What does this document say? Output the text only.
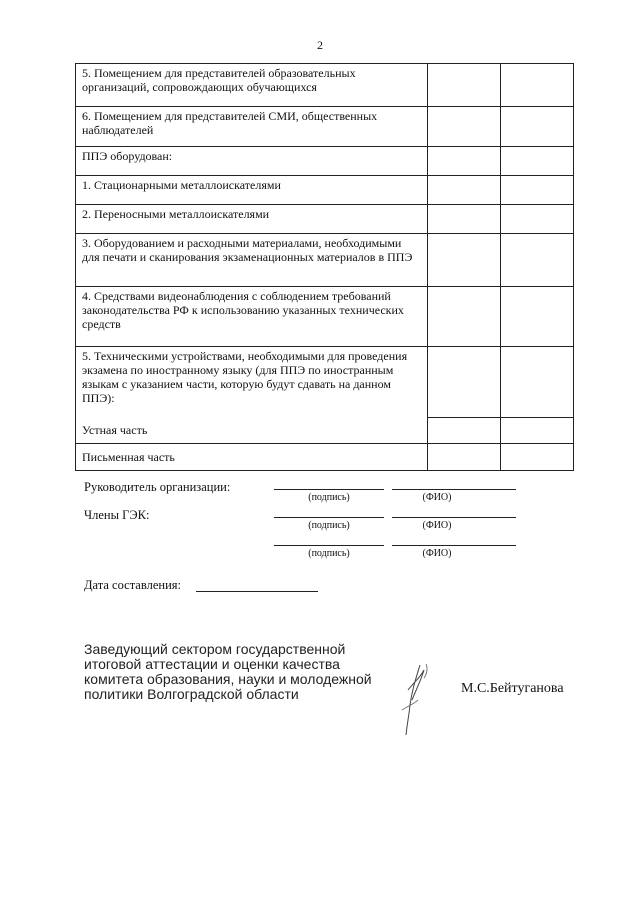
2
5. Помещением для представителей образовательных организаций, сопровождающих обучающихся		
6. Помещением для представителей СМИ, общественных наблюдателей		
ППЭ оборудован:		
1. Стационарными металлоискателями		
2. Переносными металлоискателями		
3. Оборудованием и расходными материалами, необходимыми для печати и сканирования экзаменационных материалов в ППЭ		
4. Средствами видеонаблюдения с соблюдением требований законодательства РФ к использованию указанных технических средств		

5. Техническими устройствами, необходимыми для проведения экзамена по иностранному языку (для ППЭ по иностранным языкам с указанием части, которую будут сдавать на данном ППЭ):
Устная часть
Письменная часть		

Руководитель организации:
(подпись)	(ФИО)
Члены ГЭК:
(подпись)	(ФИО)
(подпись)	(ФИО)
Дата составления:
Заведующий сектором государственной
итоговой аттестации и оценки качества
комитета образования, науки и молодежной
политики Волгоградской области	М.С.Бейтуганова
